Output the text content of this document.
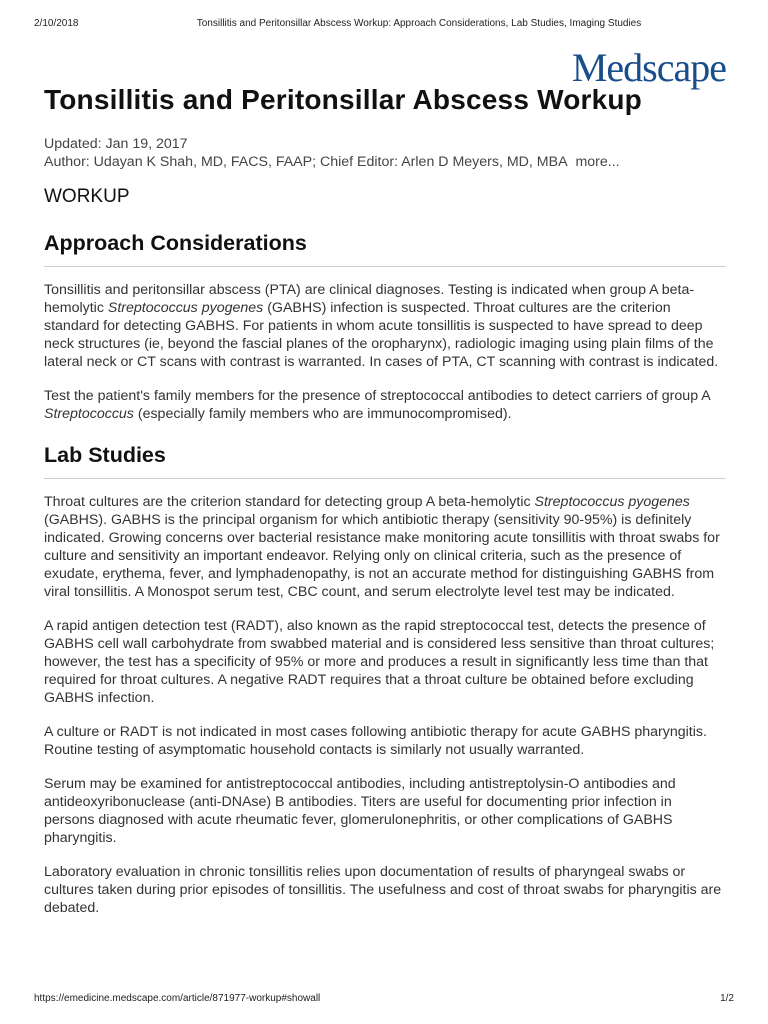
2/10/2018	Tonsillitis and Peritonsillar Abscess Workup: Approach Considerations, Lab Studies, Imaging Studies
Medscape
Tonsillitis and Peritonsillar Abscess Workup
Updated: Jan 19, 2017
Author: Udayan K Shah, MD, FACS, FAAP; Chief Editor: Arlen D Meyers, MD, MBA more...
WORKUP
Approach Considerations

Tonsillitis and peritonsillar abscess (PTA) are clinical diagnoses. Testing is indicated when group A beta-hemolytic Streptococcus pyogenes (GABHS) infection is suspected. Throat cultures are the criterion standard for detecting GABHS. For patients in whom acute tonsillitis is suspected to have spread to deep neck structures (ie, beyond the fascial planes of the oropharynx), radiologic imaging using plain films of the lateral neck or CT scans with contrast is warranted. In cases of PTA, CT scanning with contrast is indicated.

Test the patient's family members for the presence of streptococcal antibodies to detect carriers of group A Streptococcus (especially family members who are immunocompromised).

Lab Studies

Throat cultures are the criterion standard for detecting group A beta-hemolytic Streptococcus pyogenes (GABHS). GABHS is the principal organism for which antibiotic therapy (sensitivity 90-95%) is definitely indicated. Growing concerns over bacterial resistance make monitoring acute tonsillitis with throat swabs for culture and sensitivity an important endeavor. Relying only on clinical criteria, such as the presence of exudate, erythema, fever, and lymphadenopathy, is not an accurate method for distinguishing GABHS from viral tonsillitis. A Monospot serum test, CBC count, and serum electrolyte level test may be indicated.

A rapid antigen detection test (RADT), also known as the rapid streptococcal test, detects the presence of GABHS cell wall carbohydrate from swabbed material and is considered less sensitive than throat cultures; however, the test has a specificity of 95% or more and produces a result in significantly less time than that required for throat cultures. A negative RADT requires that a throat culture be obtained before excluding GABHS infection.

A culture or RADT is not indicated in most cases following antibiotic therapy for acute GABHS pharyngitis. Routine testing of asymptomatic household contacts is similarly not usually warranted.

Serum may be examined for antistreptococcal antibodies, including antistreptolysin-O antibodies and antideoxyribonuclease (anti-DNAse) B antibodies. Titers are useful for documenting prior infection in persons diagnosed with acute rheumatic fever, glomerulonephritis, or other complications of GABHS pharyngitis.

Laboratory evaluation in chronic tonsillitis relies upon documentation of results of pharyngeal swabs or cultures taken during prior episodes of tonsillitis. The usefulness and cost of throat swabs for pharyngitis are debated.

https://emedicine.medscape.com/article/871977-workup#showall	1/2
